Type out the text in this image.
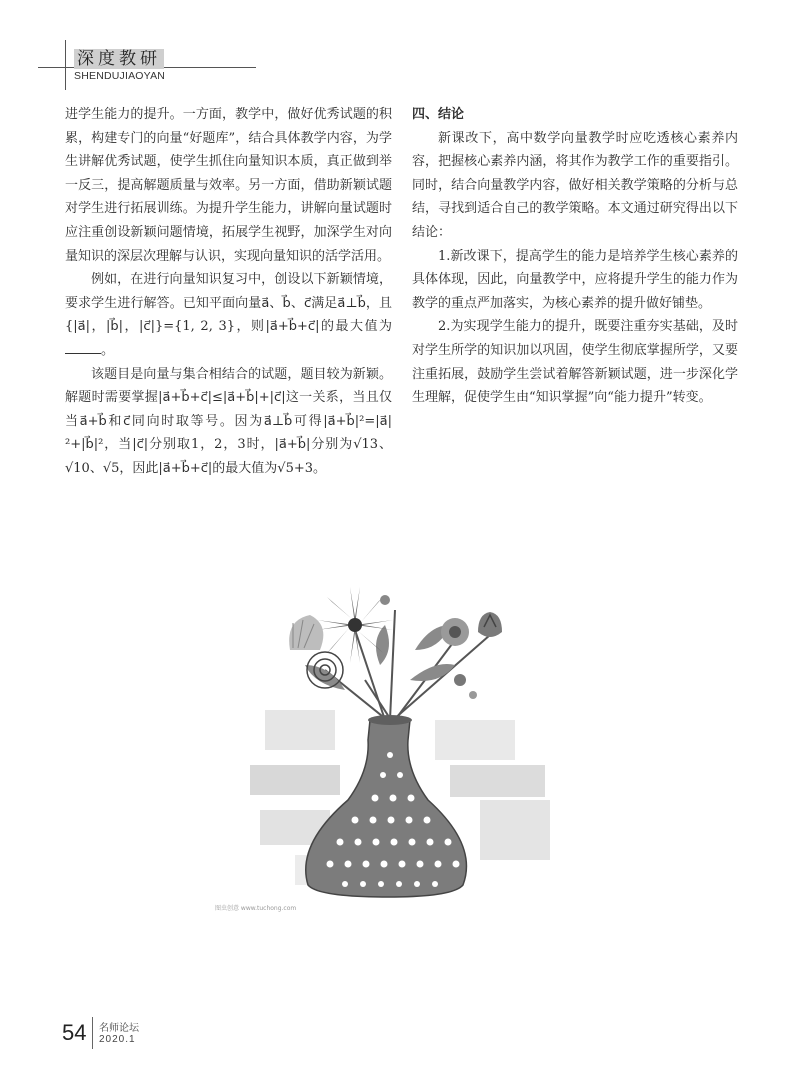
深度教研
SHENDUJIAOYAN

进学生能力的提升。一方面，教学中，做好优秀试题的积累，构建专门的向量“好题库”，结合具体教学内容，为学生讲解优秀试题，使学生抓住向量知识本质，真正做到举一反三，提高解题质量与效率。另一方面，借助新颖试题对学生进行拓展训练。为提升学生能力，讲解向量试题时应注重创设新颖问题情境，拓展学生视野，加深学生对向量知识的深层次理解与认识，实现向量知识的活学活用。

例如，在进行向量知识复习中，创设以下新颖情境，要求学生进行解答。已知平面向量a⃗、b⃗、c⃗满足a⃗⊥b⃗，且{|a⃗|，|b⃗|，|c⃗|}={1, 2, 3}，则|a⃗+b⃗+c⃗|的最大值为。

该题目是向量与集合相结合的试题，题目较为新颖。解题时需要掌握|a⃗+b⃗+c⃗|≤|a⃗+b⃗|+|c⃗|这一关系，当且仅当a⃗+b⃗和c⃗同向时取等号。因为a⃗⊥b⃗可得|a⃗+b⃗|²=|a⃗|²+|b⃗|²，当|c⃗|分别取1，2，3时，|a⃗+b⃗|分别为√13、√10、√5，因此|a⃗+b⃗+c⃗|的最大值为√5+3。

四、结论

新课改下，高中数学向量教学时应吃透核心素养内容，把握核心素养内涵，将其作为教学工作的重要指引。同时，结合向量教学内容，做好相关教学策略的分析与总结，寻找到适合自己的教学策略。本文通过研究得出以下结论：

1.新改课下，提高学生的能力是培养学生核心素养的具体体现，因此，向量教学中，应将提升学生的能力作为教学的重点严加落实，为核心素养的提升做好铺垫。

2.为实现学生能力的提升，既要注重夯实基础，及时对学生所学的知识加以巩固，使学生彻底掌握所学，又要注重拓展，鼓励学生尝试着解答新颖试题，进一步深化学生理解，促使学生由“知识掌握”向“能力提升”转变。

图虫创意 www.tuchong.com
54 名师论坛
2020.1
